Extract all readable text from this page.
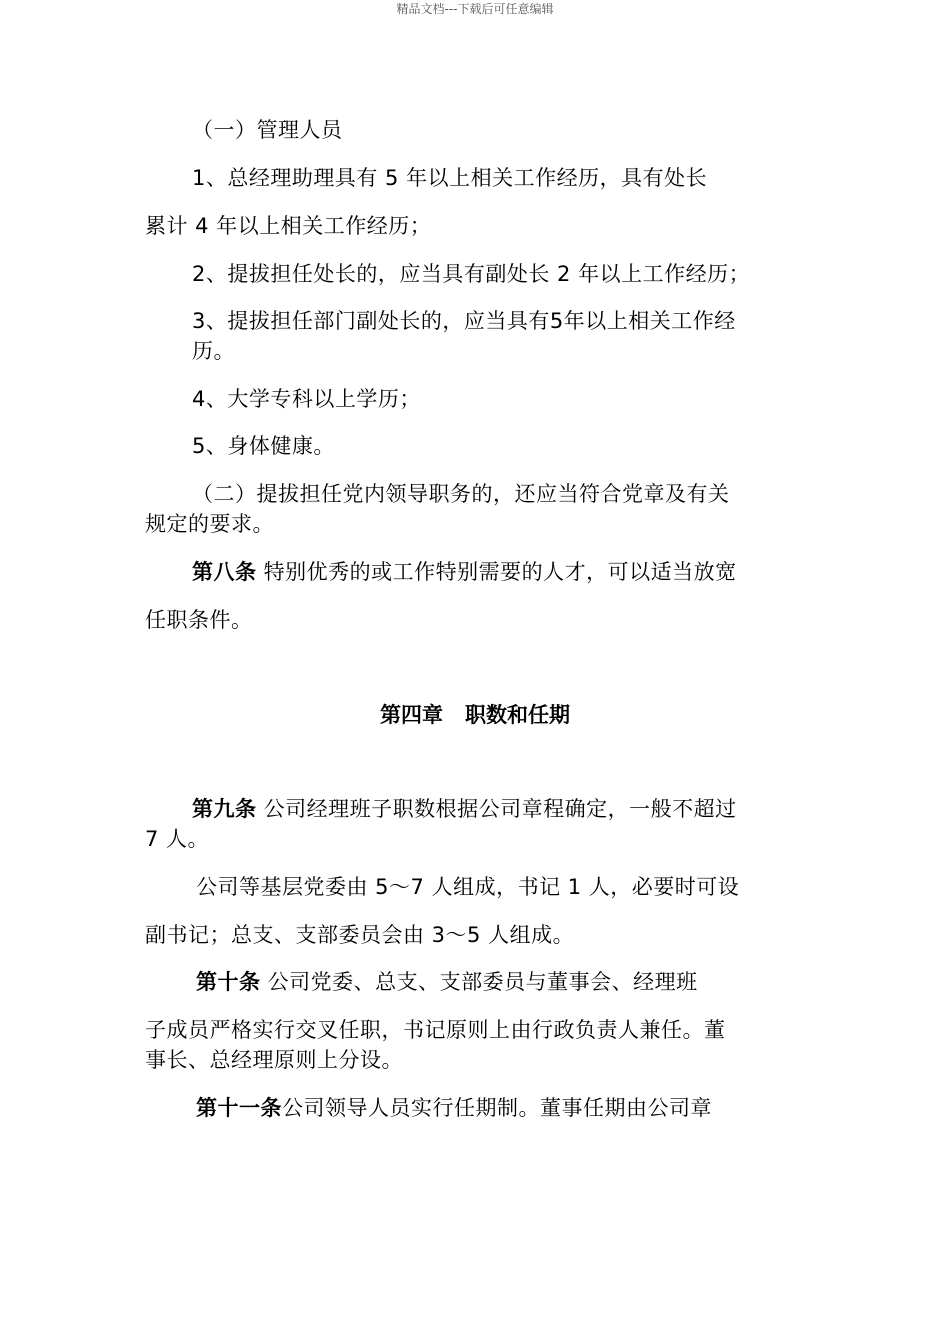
精品文档---下载后可任意编辑
（一）管理人员
1、总经理助理具有 5 年以上相关工作经历，具有处长
累计 4 年以上相关工作经历；
2、提拔担任处长的，应当具有副处长 2 年以上工作经历；
3、提拔担任部门副处长的，应当具有5年以上相关工作经
历。
4、大学专科以上学历；
5、身体健康。
（二）提拔担任党内领导职务的，还应当符合党章及有关
规定的要求。
第八条 特别优秀的或工作特别需要的人才，可以适当放宽
任职条件。
第四章   职数和任期
第九条 公司经理班子职数根据公司章程确定，一般不超过
7 人。
公司等基层党委由 5～7 人组成，书记 1 人，必要时可设
副书记；总支、支部委员会由 3～5 人组成。
第十条 公司党委、总支、支部委员与董事会、经理班
子成员严格实行交叉任职，书记原则上由行政负责人兼任。董
事长、总经理原则上分设。
第十一条公司领导人员实行任期制。董事任期由公司章
